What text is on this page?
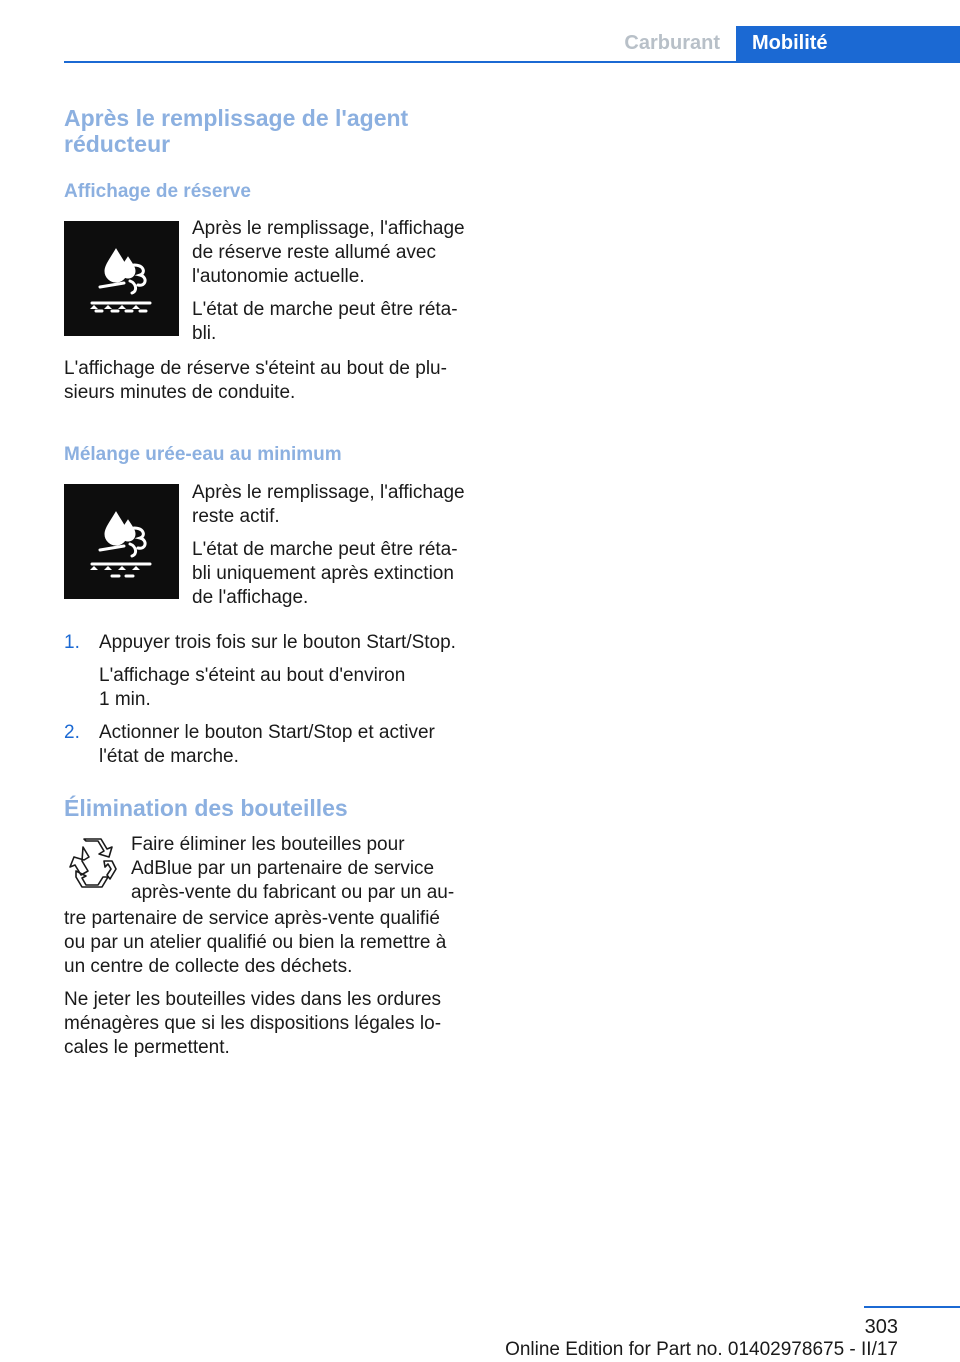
Carburant	Mobilité
Après le remplissage de l'agent
réducteur
Affichage de réserve

Après le remplissage, l'affichage

de réserve reste allumé avec

l'autonomie actuelle.

L'état de marche peut être réta-

bli.

L'affichage de réserve s'éteint au bout de plu-

sieurs minutes de conduite.

Mélange urée-eau au minimum

Après le remplissage, l'affichage

reste actif.

L'état de marche peut être réta-

bli uniquement après extinction

de l'affichage.

1. Appuyer trois fois sur le bouton Start/Stop.
L'affichage s'éteint au bout d'environ
1 min.
2. Actionner le bouton Start/Stop et activer
l'état de marche.
Élimination des bouteilles

Faire éliminer les bouteilles pour

AdBlue par un partenaire de service

après-vente du fabricant ou par un au-

tre partenaire de service après-vente qualifié

ou par un atelier qualifié ou bien la remettre à

un centre de collecte des déchets.

Ne jeter les bouteilles vides dans les ordures

ménagères que si les dispositions légales lo-

cales le permettent.

303
Online Edition for Part no. 01402978675 - II/17
